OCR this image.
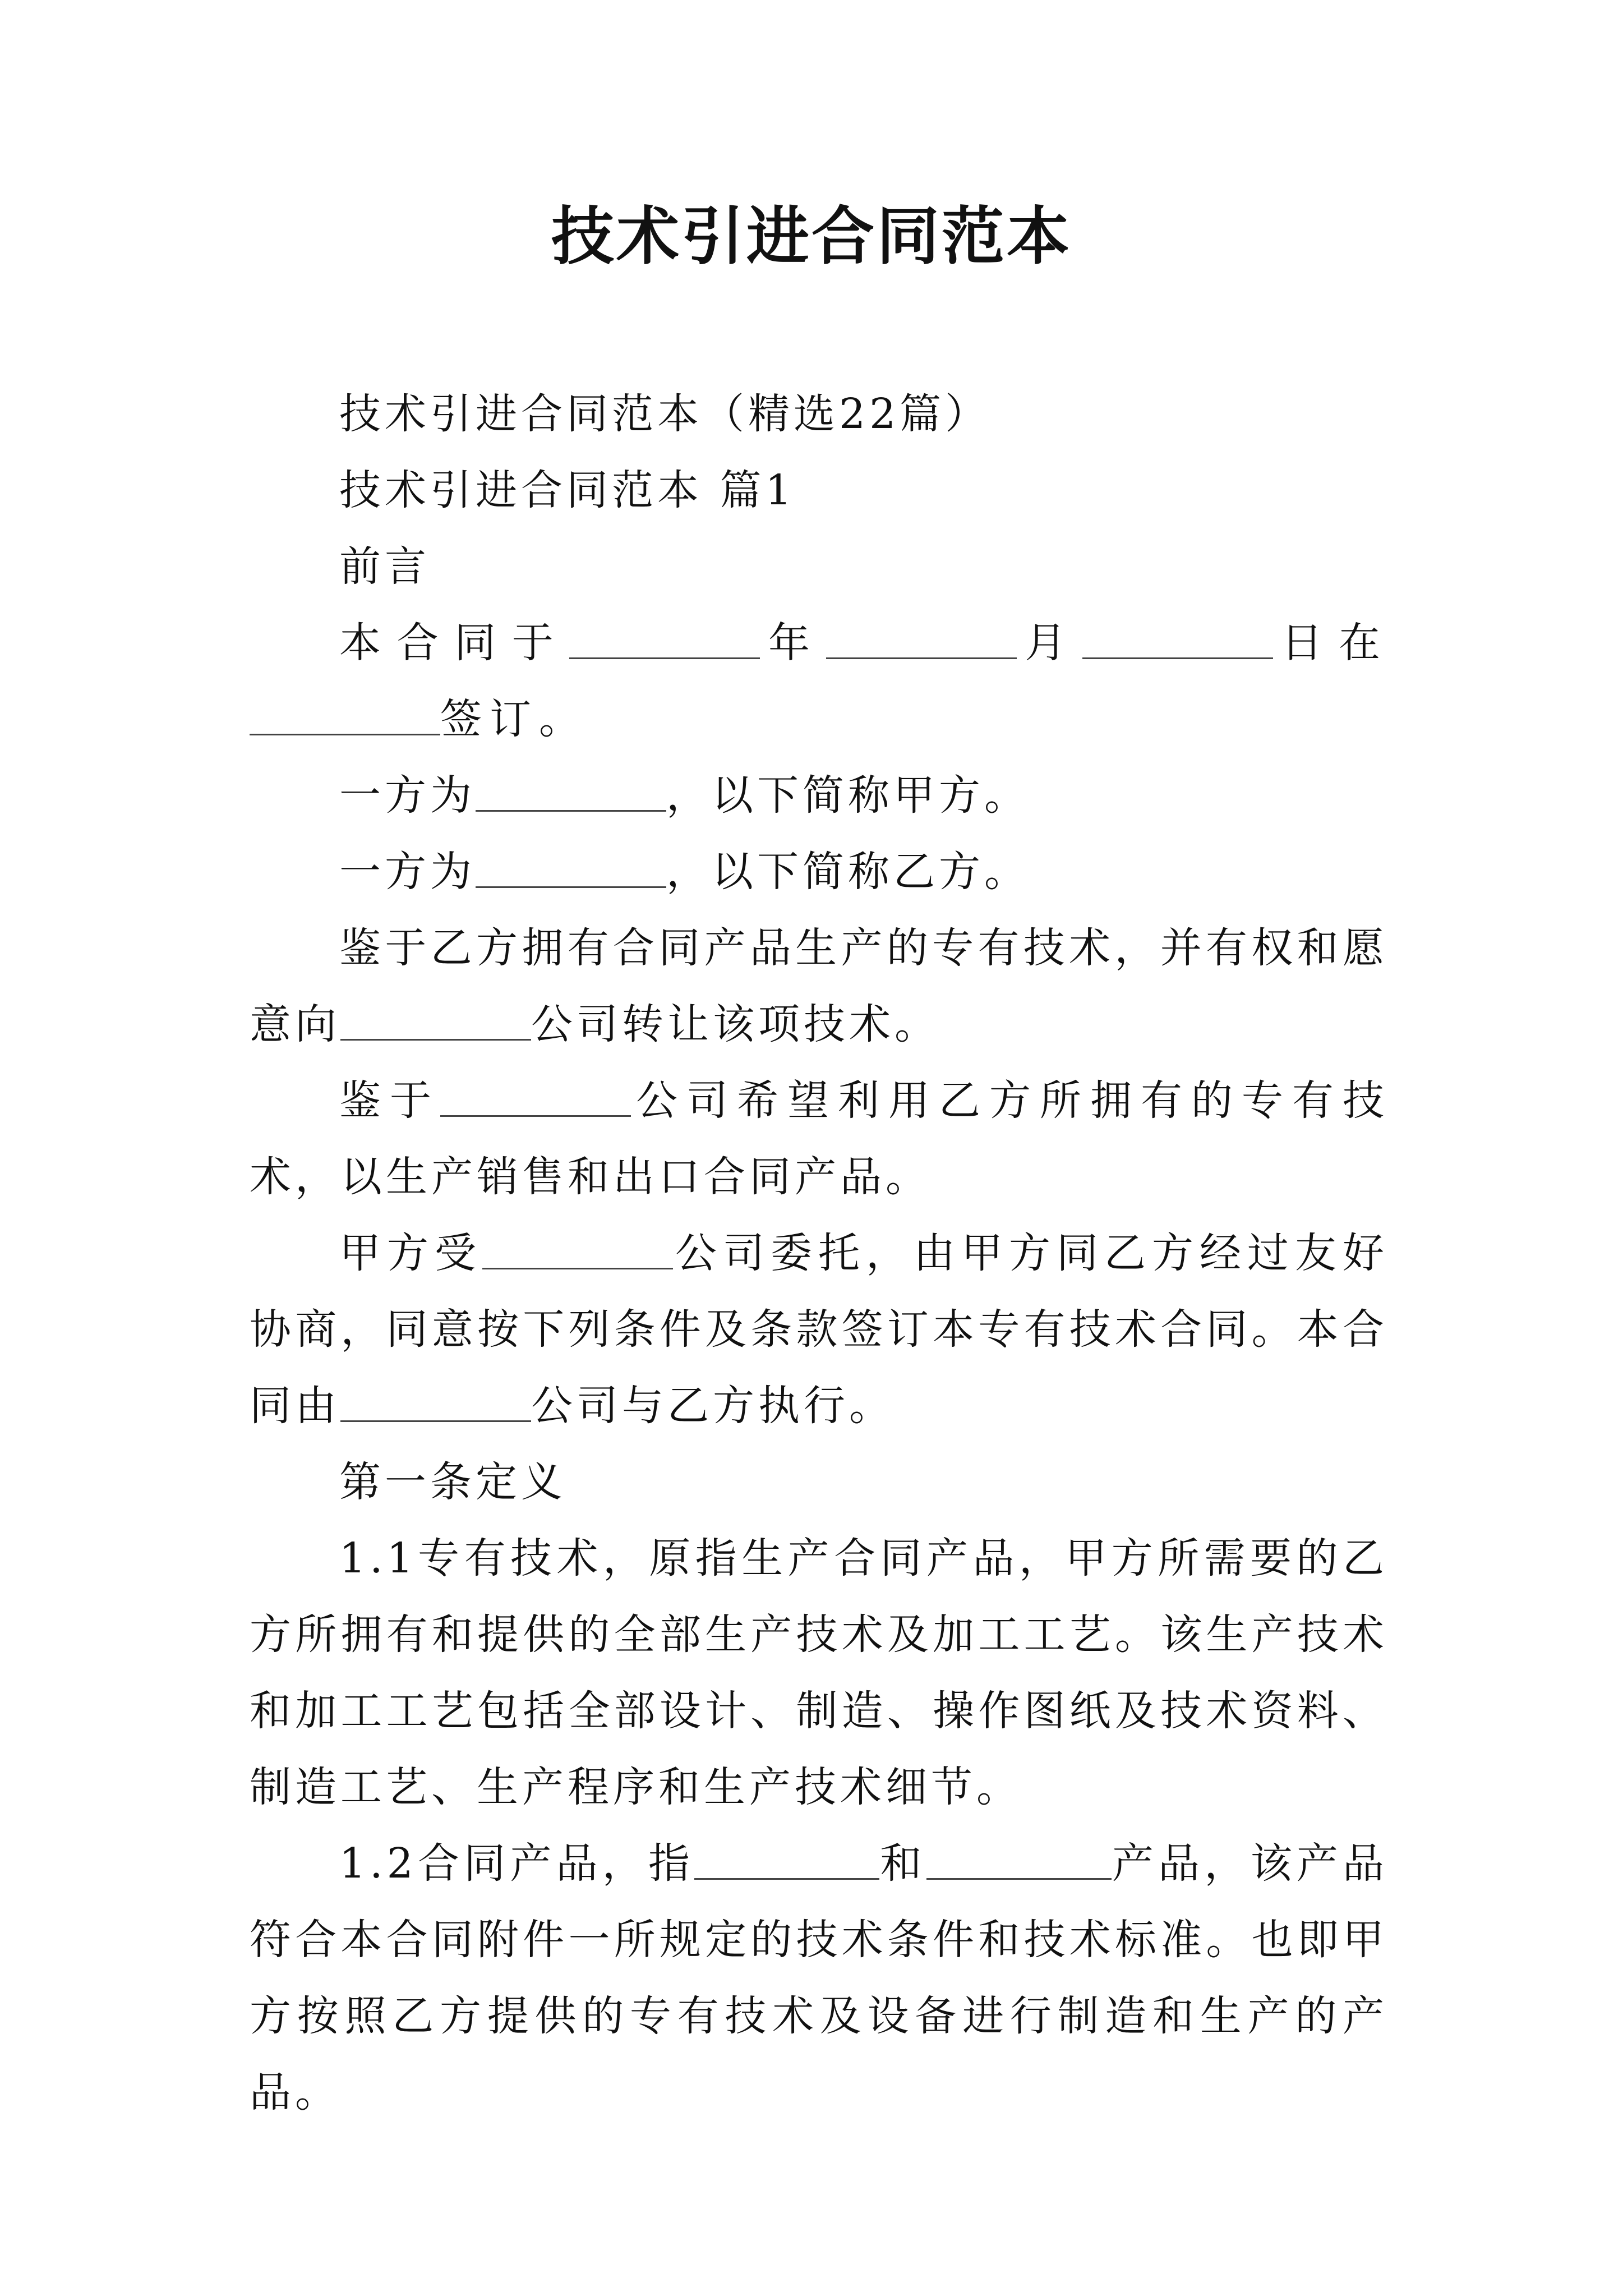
技术引进合同范本

技术引进合同范本（精选22篇）

技术引进合同范本 篇1

前言

本合同于	年	月	日在签订。

一方为	，以下简称甲方。

一方为	，以下简称乙方。

鉴于乙方拥有合同产品生产的专有技术，并有权和愿意向	公司转让该项技术。

鉴于	公司希望利用乙方所拥有的专有技术，以生产销售和出口合同产品。

甲方受	公司委托，由甲方同乙方经过友好协商，同意按下列条件及条款签订本专有技术合同。本合同由	公司与乙方执行。

第一条定义

1.1专有技术，原指生产合同产品，甲方所需要的乙方所拥有和提供的全部生产技术及加工工艺。该生产技术和加工工艺包括全部设计、制造、操作图纸及技术资料、制造工艺、生产程序和生产技术细节。

1.2合同产品，指	和	产品，该产品符合本合同附件一所规定的技术条件和技术标准。也即甲方按照乙方提供的专有技术及设备进行制造和生产的产品。
